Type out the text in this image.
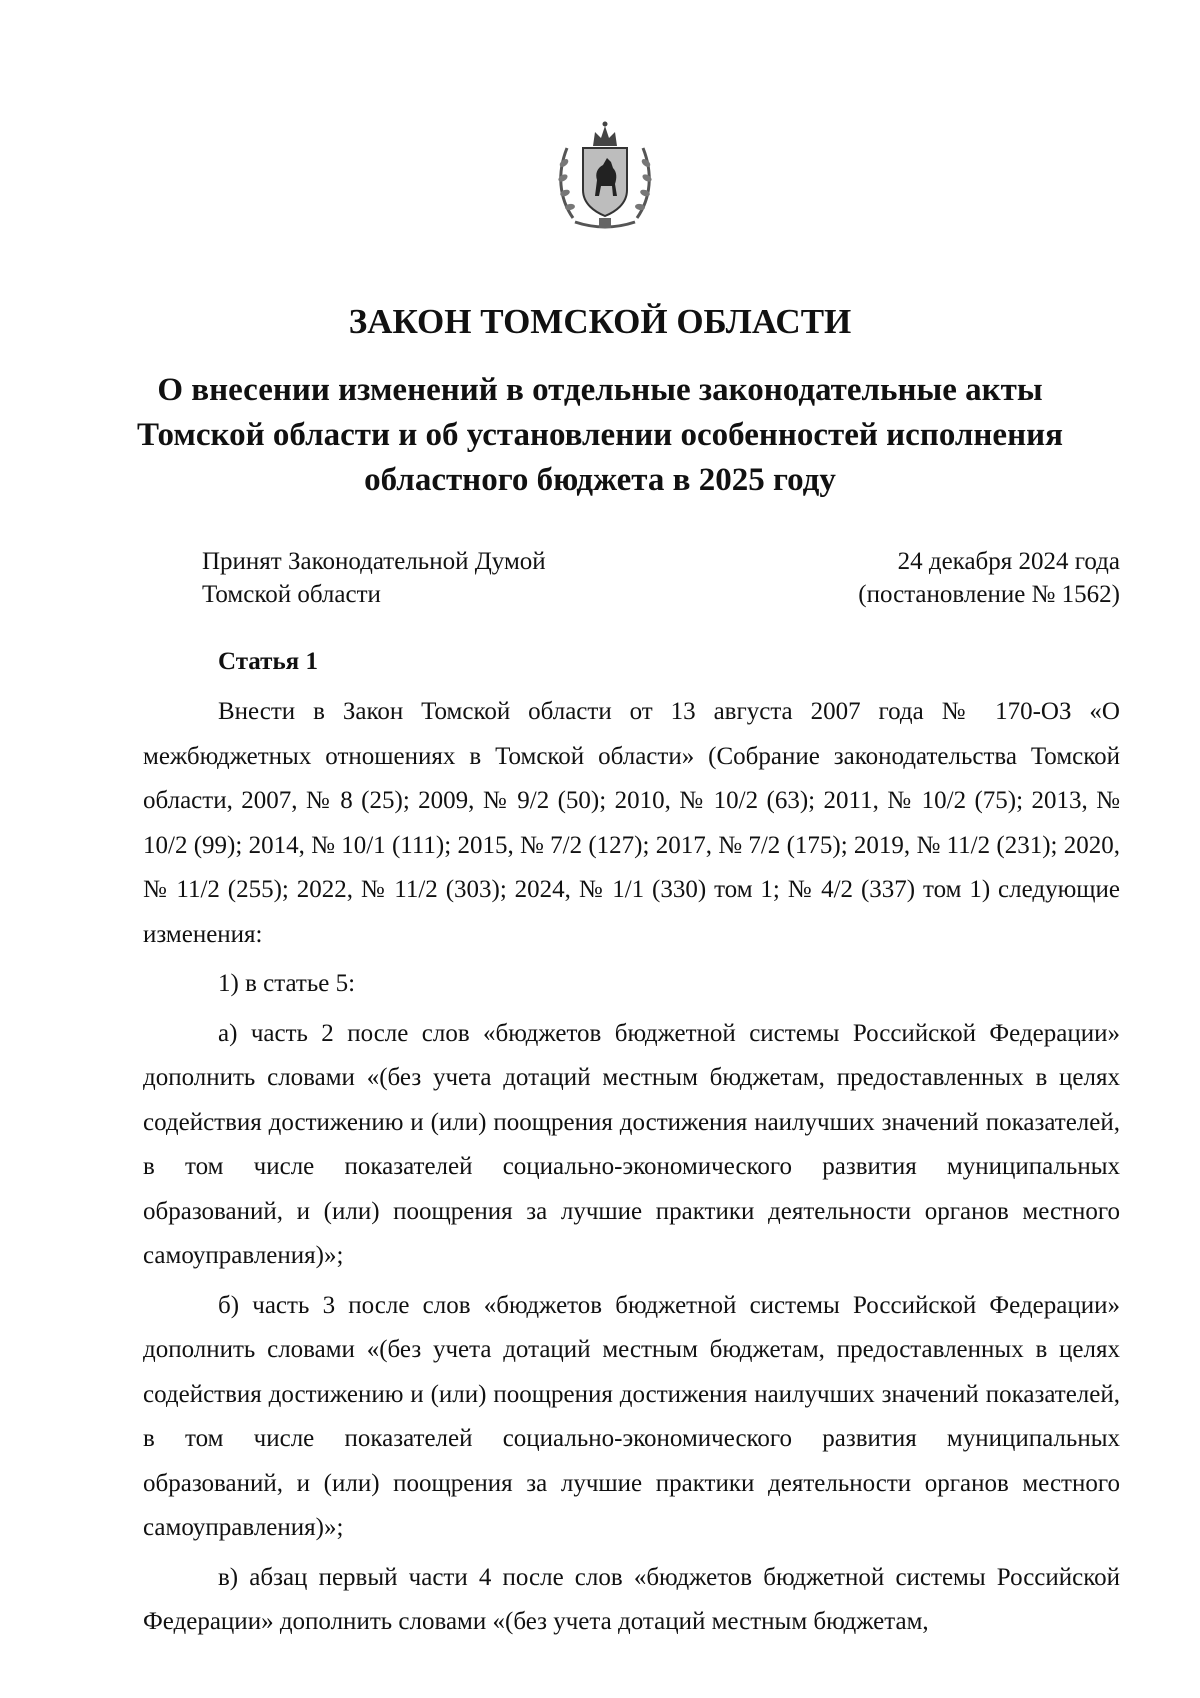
ЗАКОН ТОМСКОЙ ОБЛАСТИ
О внесении изменений в отдельные законодательные акты Томской области и об установлении особенностей исполнения областного бюджета в 2025 году
Принят Законодательной Думой
Томской области
24 декабря 2024 года
(постановление № 1562)
Статья 1

Внести в Закон Томской области от 13 августа 2007 года № 170-ОЗ «О межбюджетных отношениях в Томской области» (Собрание законодательства Томской области, 2007, № 8 (25); 2009, № 9/2 (50); 2010, № 10/2 (63); 2011, № 10/2 (75); 2013, № 10/2 (99); 2014, № 10/1 (111); 2015, № 7/2 (127); 2017, № 7/2 (175); 2019, № 11/2 (231); 2020, № 11/2 (255); 2022, № 11/2 (303); 2024, № 1/1 (330) том 1; № 4/2 (337) том 1) следующие изменения:

1) в статье 5:

а) часть 2 после слов «бюджетов бюджетной системы Российской Федерации» дополнить словами «(без учета дотаций местным бюджетам, предоставленных в целях содействия достижению и (или) поощрения достижения наилучших значений показателей, в том числе показателей социально-экономического развития муниципальных образований, и (или) поощрения за лучшие практики деятельности органов местного самоуправления)»;

б) часть 3 после слов «бюджетов бюджетной системы Российской Федерации» дополнить словами «(без учета дотаций местным бюджетам, предоставленных в целях содействия достижению и (или) поощрения достижения наилучших значений показателей, в том числе показателей социально-экономического развития муниципальных образований, и (или) поощрения за лучшие практики деятельности органов местного самоуправления)»;

в) абзац первый части 4 после слов «бюджетов бюджетной системы Российской Федерации» дополнить словами «(без учета дотаций местным бюджетам,
